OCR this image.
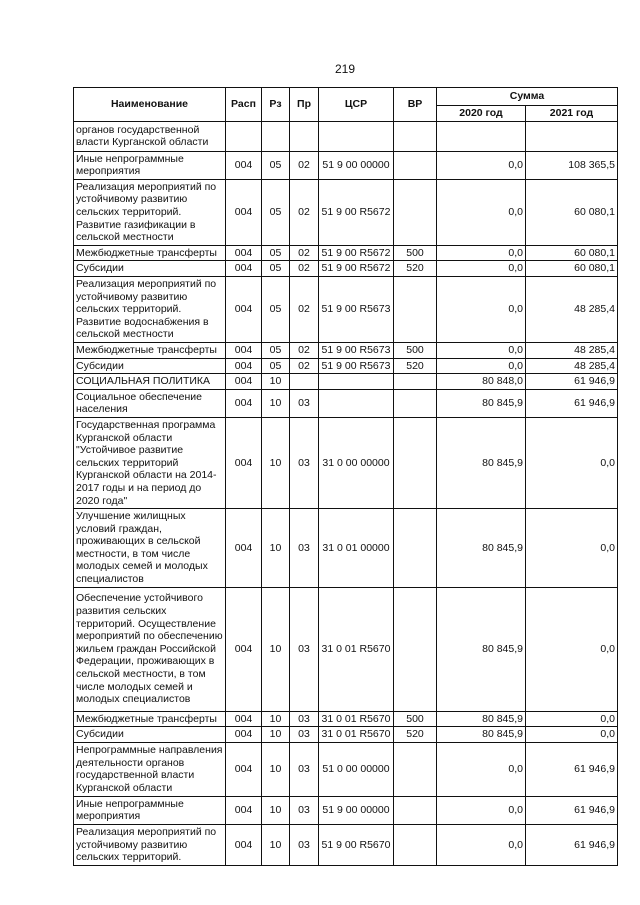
219
Наименование	Расп	Рз	Пр	ЦСР	ВР	Сумма	
						2020 год	2021 год
органов государственной власти Курганской области							
Иные непрограммные мероприятия	004	05	02	51 9 00 00000		0,0	108 365,5
Реализация мероприятий по устойчивому развитию сельских территорий. Развитие газификации в сельской местности	004	05	02	51 9 00 R5672		0,0	60 080,1
Межбюджетные трансферты	004	05	02	51 9 00 R5672	500	0,0	60 080,1
Субсидии	004	05	02	51 9 00 R5672	520	0,0	60 080,1
Реализация мероприятий по устойчивому развитию сельских территорий. Развитие водоснабжения в сельской местности	004	05	02	51 9 00 R5673		0,0	48 285,4
Межбюджетные трансферты	004	05	02	51 9 00 R5673	500	0,0	48 285,4
Субсидии	004	05	02	51 9 00 R5673	520	0,0	48 285,4
СОЦИАЛЬНАЯ ПОЛИТИКА	004	10				80 848,0	61 946,9
Социальное обеспечение населения	004	10	03			80 845,9	61 946,9
Государственная программа Курганской области "Устойчивое развитие сельских территорий Курганской области на 2014-2017 годы и на период до 2020 года"	004	10	03	31 0 00 00000		80 845,9	0,0
Улучшение жилищных условий граждан, проживающих в сельской местности, в том числе молодых семей и молодых специалистов	004	10	03	31 0 01 00000		80 845,9	0,0
Обеспечение устойчивого развития сельских территорий. Осуществление мероприятий по обеспечению жильем граждан Российской Федерации, проживающих в сельской местности, в том числе молодых семей и молодых специалистов	004	10	03	31 0 01 R5670		80 845,9	0,0
Межбюджетные трансферты	004	10	03	31 0 01 R5670	500	80 845,9	0,0
Субсидии	004	10	03	31 0 01 R5670	520	80 845,9	0,0
Непрограммные направления деятельности органов государственной власти Курганской области	004	10	03	51 0 00 00000		0,0	61 946,9
Иные непрограммные мероприятия	004	10	03	51 9 00 00000		0,0	61 946,9
Реализация мероприятий по устойчивому развитию сельских территорий.	004	10	03	51 9 00 R5670		0,0	61 946,9
